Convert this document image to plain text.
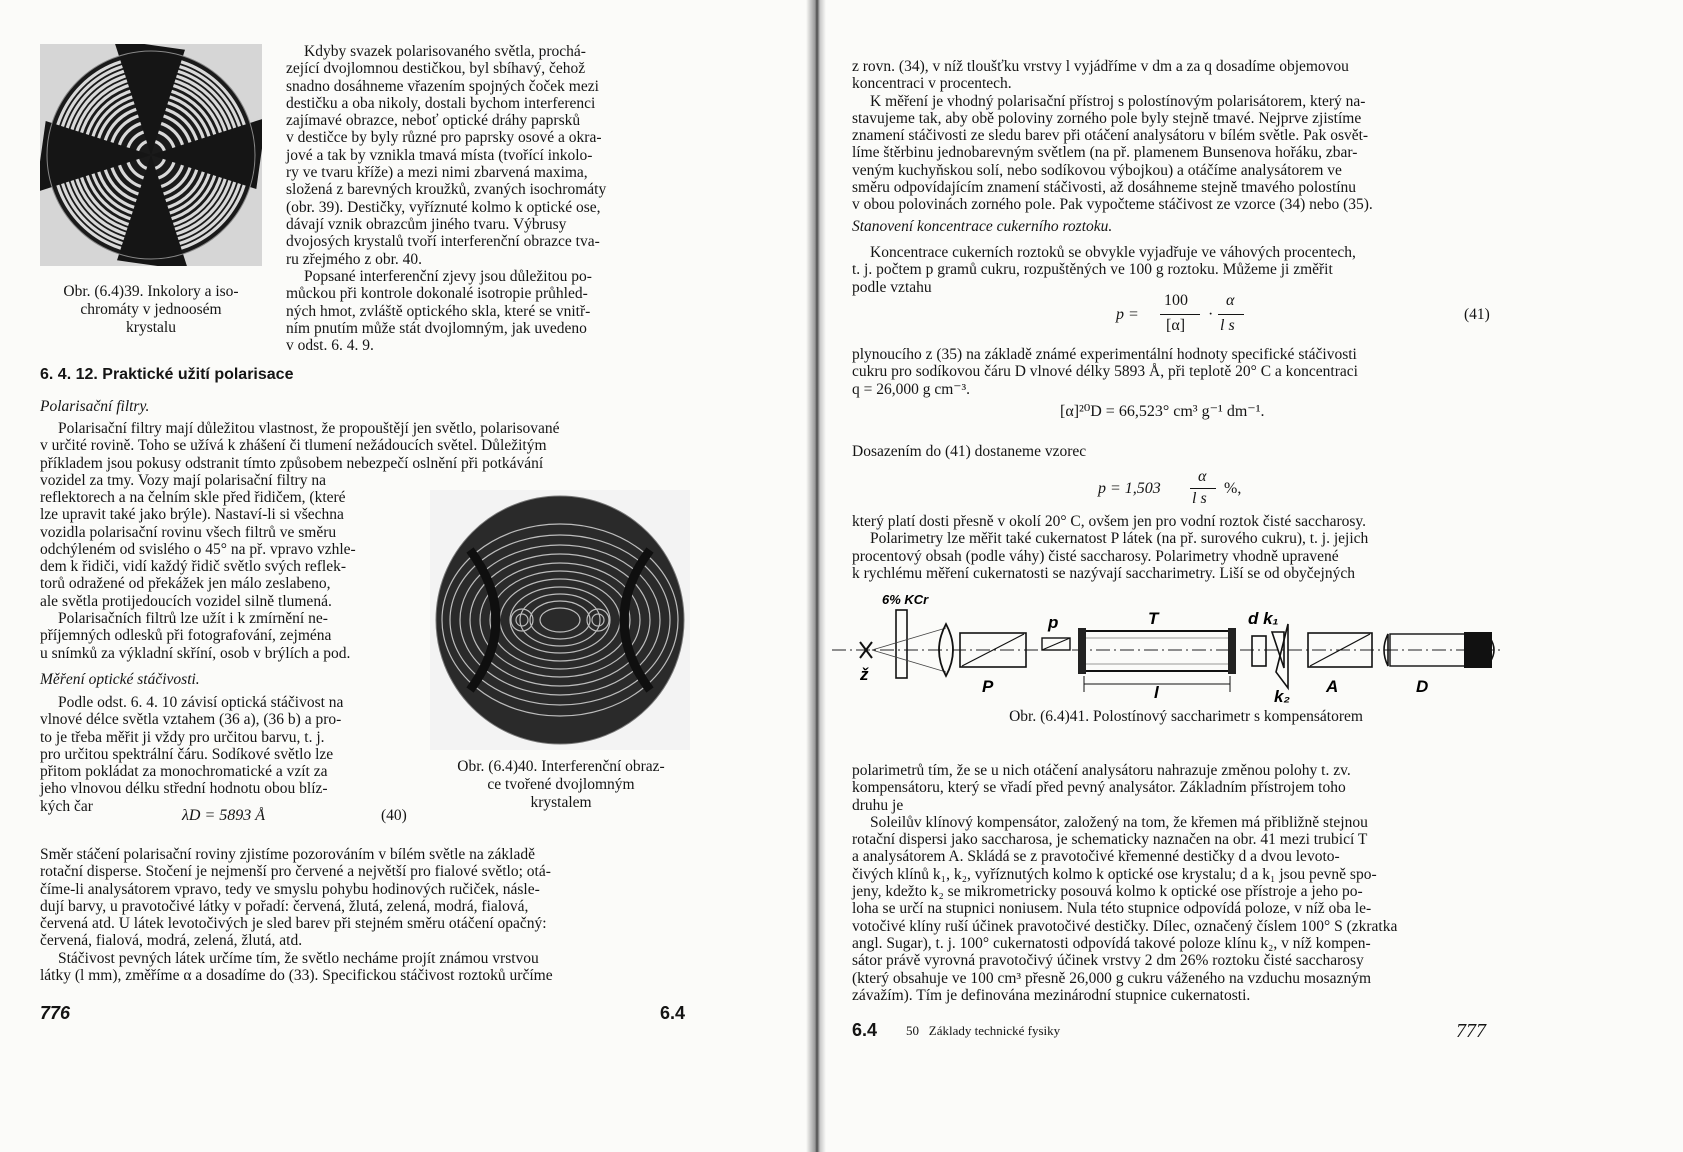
Obr. (6.4)39. Inkolory a iso-
chromáty v jednoosém
krystalu
Kdyby svazek polarisovaného světla, prochá-
zející dvojlomnou destičkou, byl sbíhavý, čehož
snadno dosáhneme vřazením spojných čoček mezi
destičku a oba nikoly, dostali bychom interferenci
zajímavé obrazce, neboť optické dráhy paprsků
v destičce by byly různé pro paprsky osové a okra-
jové a tak by vznikla tmavá místa (tvořící inkolo-
ry ve tvaru kříže) a mezi nimi zbarvená maxima,
složená z barevných kroužků, zvaných isochromáty
(obr. 39). Destičky, vyříznuté kolmo k optické ose,
dávají vznik obrazcům jiného tvaru. Výbrusy
dvojosých krystalů tvoří interferenční obrazce tva-
ru zřejmého z obr. 40.
Popsané interferenční zjevy jsou důležitou po-
můckou při kontrole dokonalé isotropie průhled-
ných hmot, zvláště optického skla, které se vnitř-
ním pnutím může stát dvojlomným, jak uvedeno
v odst. 6. 4. 9.
6. 4. 12. Praktické užití polarisace
Polarisační filtry.
Polarisační filtry mají důležitou vlastnost, že propouštějí jen světlo, polarisované
v určité rovině. Toho se užívá k zhášení či tlumení nežádoucích světel. Důležitým
příkladem jsou pokusy odstranit tímto způsobem nebezpečí oslnění při potkávání
vozidel za tmy. Vozy mají polarisační filtry na
reflektorech a na čelním skle před řidičem, (které
lze upravit také jako brýle). Nastaví-li si všechna
vozidla polarisační rovinu všech filtrů ve směru
odchýleném od svislého o 45° na př. vpravo vzhle-
dem k řidiči, vidí každý řidič světlo svých reflek-
torů odražené od překážek jen málo zeslabeno,
ale světla protijedoucích vozidel silně tlumená.
Polarisačních filtrů lze užít i k zmírnění ne-
příjemných odlesků při fotografování, zejména
u snímků za výkladní skříní, osob v brýlích a pod.
Měření optické stáčivosti.
Podle odst. 6. 4. 10 závisí optická stáčivost na
vlnové délce světla vztahem (36 a), (36 b) a pro-
to je třeba měřit ji vždy pro určitou barvu, t. j.
pro určitou spektrální čáru. Sodíkové světlo lze
přitom pokládat za monochromatické a vzít za
jeho vlnovou délku střední hodnotu obou blíz-
kých čar
λD = 5893 Å	(40)
Obr. (6.4)40. Interferenční obraz-
ce tvořené dvojlomným
krystalem
Směr stáčení polarisační roviny zjistíme pozorováním v bílém světle na základě
rotační disperse. Stočení je nejmenší pro červené a největší pro fialové světlo; otá-
číme-li analysátorem vpravo, tedy ve smyslu pohybu hodinových ručiček, násle-
dují barvy, u pravotočivé látky v pořadí: červená, žlutá, zelená, modrá, fialová,
červená atd. U látek levotočivých je sled barev při stejném směru otáčení opačný:
červená, fialová, modrá, zelená, žlutá, atd.
Stáčivost pevných látek určíme tím, že světlo necháme projít známou vrstvou
látky (l mm), změříme α a dosadíme do (33). Specifickou stáčivost roztoků určíme
776	6.4
z rovn. (34), v níž tloušťku vrstvy l vyjádříme v dm a za q dosadíme objemovou
koncentraci v procentech.
K měření je vhodný polarisační přístroj s polostínovým polarisátorem, který na-
stavujeme tak, aby obě poloviny zorného pole byly stejně tmavé. Nejprve zjistíme
znamení stáčivosti ze sledu barev při otáčení analysátoru v bílém světle. Pak osvět-
líme štěrbinu jednobarevným světlem (na př. plamenem Bunsenova hořáku, zbar-
veným kuchyňskou solí, nebo sodíkovou výbojkou) a otáčíme analysátorem ve
směru odpovídajícím znamení stáčivosti, až dosáhneme stejně tmavého polostínu
v obou polovinách zorného pole. Pak vypočteme stáčivost ze vzorce (34) nebo (35).
Stanovení koncentrace cukerního roztoku.
Koncentrace cukerních roztoků se obvykle vyjadřuje ve váhových procentech,
t. j. počtem p gramů cukru, rozpuštěných ve 100 g roztoku. Můžeme ji změřit
podle vztahu
p =
100
[α]
·
α
l s
(41)
plynoucího z (35) na základě známé experimentální hodnoty specifické stáčivosti
cukru pro sodíkovou čáru D vlnové délky 5893 Å, při teplotě 20° C a koncentraci
q = 26,000 g cm⁻³.
[α]²⁰D = 66,523° cm³ g⁻¹ dm⁻¹.
Dosazením do (41) dostaneme vzorec
p = 1,503
α
l s
%,
který platí dosti přesně v okolí 20° C, ovšem jen pro vodní roztok čisté saccharosy.
Polarimetry lze měřit také cukernatost P látek (na př. surového cukru), t. j. jejich
procentový obsah (podle váhy) čisté saccharosy. Polarimetry vhodně upravené
k rychlému měření cukernatosti se nazývají saccharimetry. Liší se od obyčejných
ž
6% KCr
P
p	T
l
d k₁
k₂
A	D
Obr. (6.4)41. Polostínový saccharimetr s kompensátorem
polarimetrů tím, že se u nich otáčení analysátoru nahrazuje změnou polohy t. zv.
kompensátoru, který se vřadí před pevný analysátor. Základním přístrojem toho
druhu je
Soleilův klínový kompensátor, založený na tom, že křemen má přibližně stejnou
rotační dispersi jako saccharosa, je schematicky naznačen na obr. 41 mezi trubicí T
a analysátorem A. Skládá se z pravotočivé křemenné destičky d a dvou levoto-
čivých klínů k₁, k₂, vyříznutých kolmo k optické ose krystalu; d a k₁ jsou pevně spo-
jeny, kdežto k₂ se mikrometricky posouvá kolmo k optické ose přístroje a jeho po-
loha se určí na stupnici noniusem. Nula této stupnice odpovídá poloze, v níž oba le-
votočivé klíny ruší účinek pravotočivé destičky. Dílec, označený číslem 100° S (zkratka
angl. Sugar), t. j. 100° cukernatosti odpovídá takové poloze klínu k₂, v níž kompen-
sátor právě vyrovná pravotočivý účinek vrstvy 2 dm 26% roztoku čisté saccharosy
(který obsahuje ve 100 cm³ přesně 26,000 g cukru váženého na vzduchu mosazným
závažím). Tím je definována mezinárodní stupnice cukernatosti.
6.4 50   Základy technické fysiky	777
